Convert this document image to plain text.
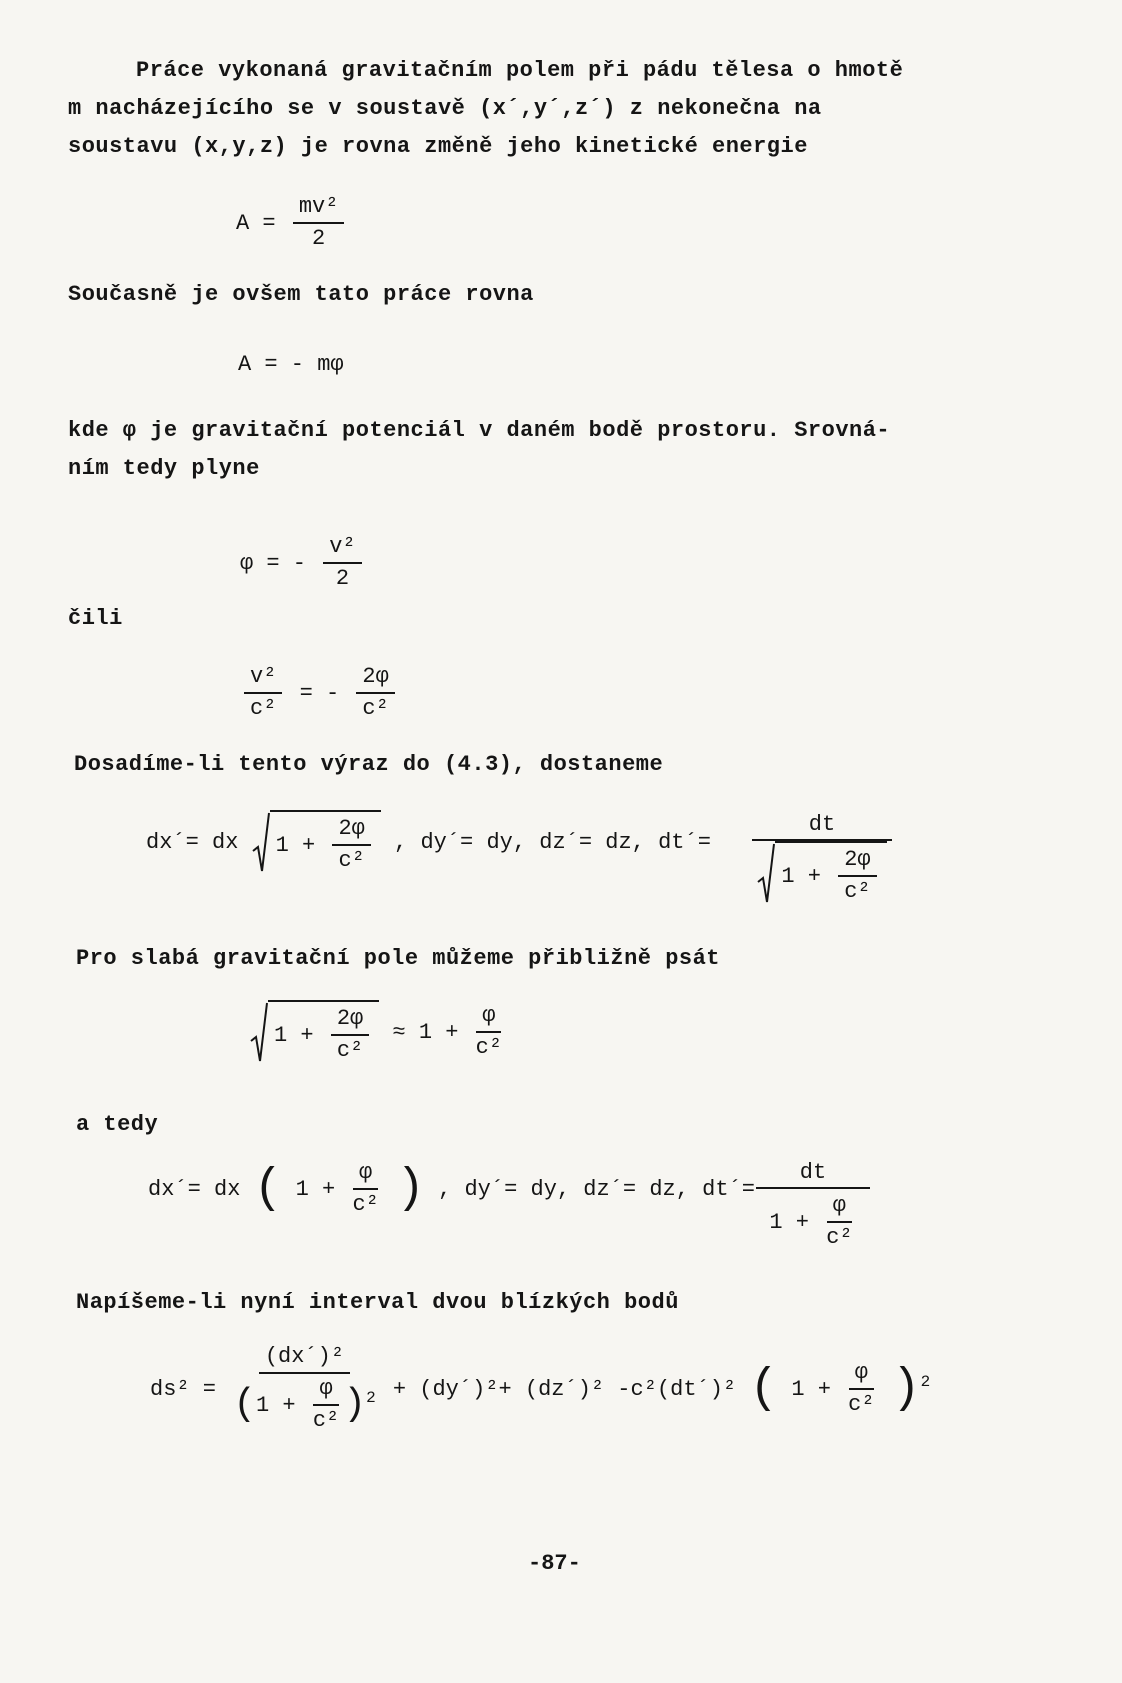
Práce vykonaná gravitačním polem při pádu tělesa o hmotě

m nacházejícího se v soustavě (x´,y´,z´) z nekonečna na

soustavu (x,y,z) je rovna změně jeho kinetické energie

$A = \frac{\text{mv²}}{2}$
Současně je ovšem tato práce rovna
A = - mφ

kde φ je gravitační potenciál v daném bodě prostoru. Srovná-

ním tedy plyne

φ = - $\frac{\text{v²}}{2}$
čili
$\frac{\text{v²}}{\text{c²}}$ = - $\frac{2\varphi}{\text{c²}}$
Dosadíme-li tento výraz do (4.3), dostaneme
dx´= dx $1 + \frac{2\varphi}{\text{c²}}$ , dy´= dy, dz´= dz, dt´=
dt
$1 + \frac{2\varphi}{\text{c²}}$
Pro slabá gravitační pole můžeme přibližně psát
$1 + \frac{2\varphi}{\text{c²}} \approx 1 + \frac{\varphi}{\text{c²}}$
a tedy
dx´= dx ( $1 + \frac{\varphi}{\text{c²}}$ ) , dy´= dy, dz´= dz, dt´= $\frac{dt}{1 + \frac{\varphi}{\text{c²}}}$
Napíšeme-li nyní interval dvou blízkých bodů
$ds^2 = \frac{\text{(dx´)²}}{(1 + \frac{\varphi}{\text{c²}} )^2}$ + (dy´)²+ (dz´)² -c²(dt´)² ( $1 + \frac{\varphi}{\text{c²}} )^2$
-87-
